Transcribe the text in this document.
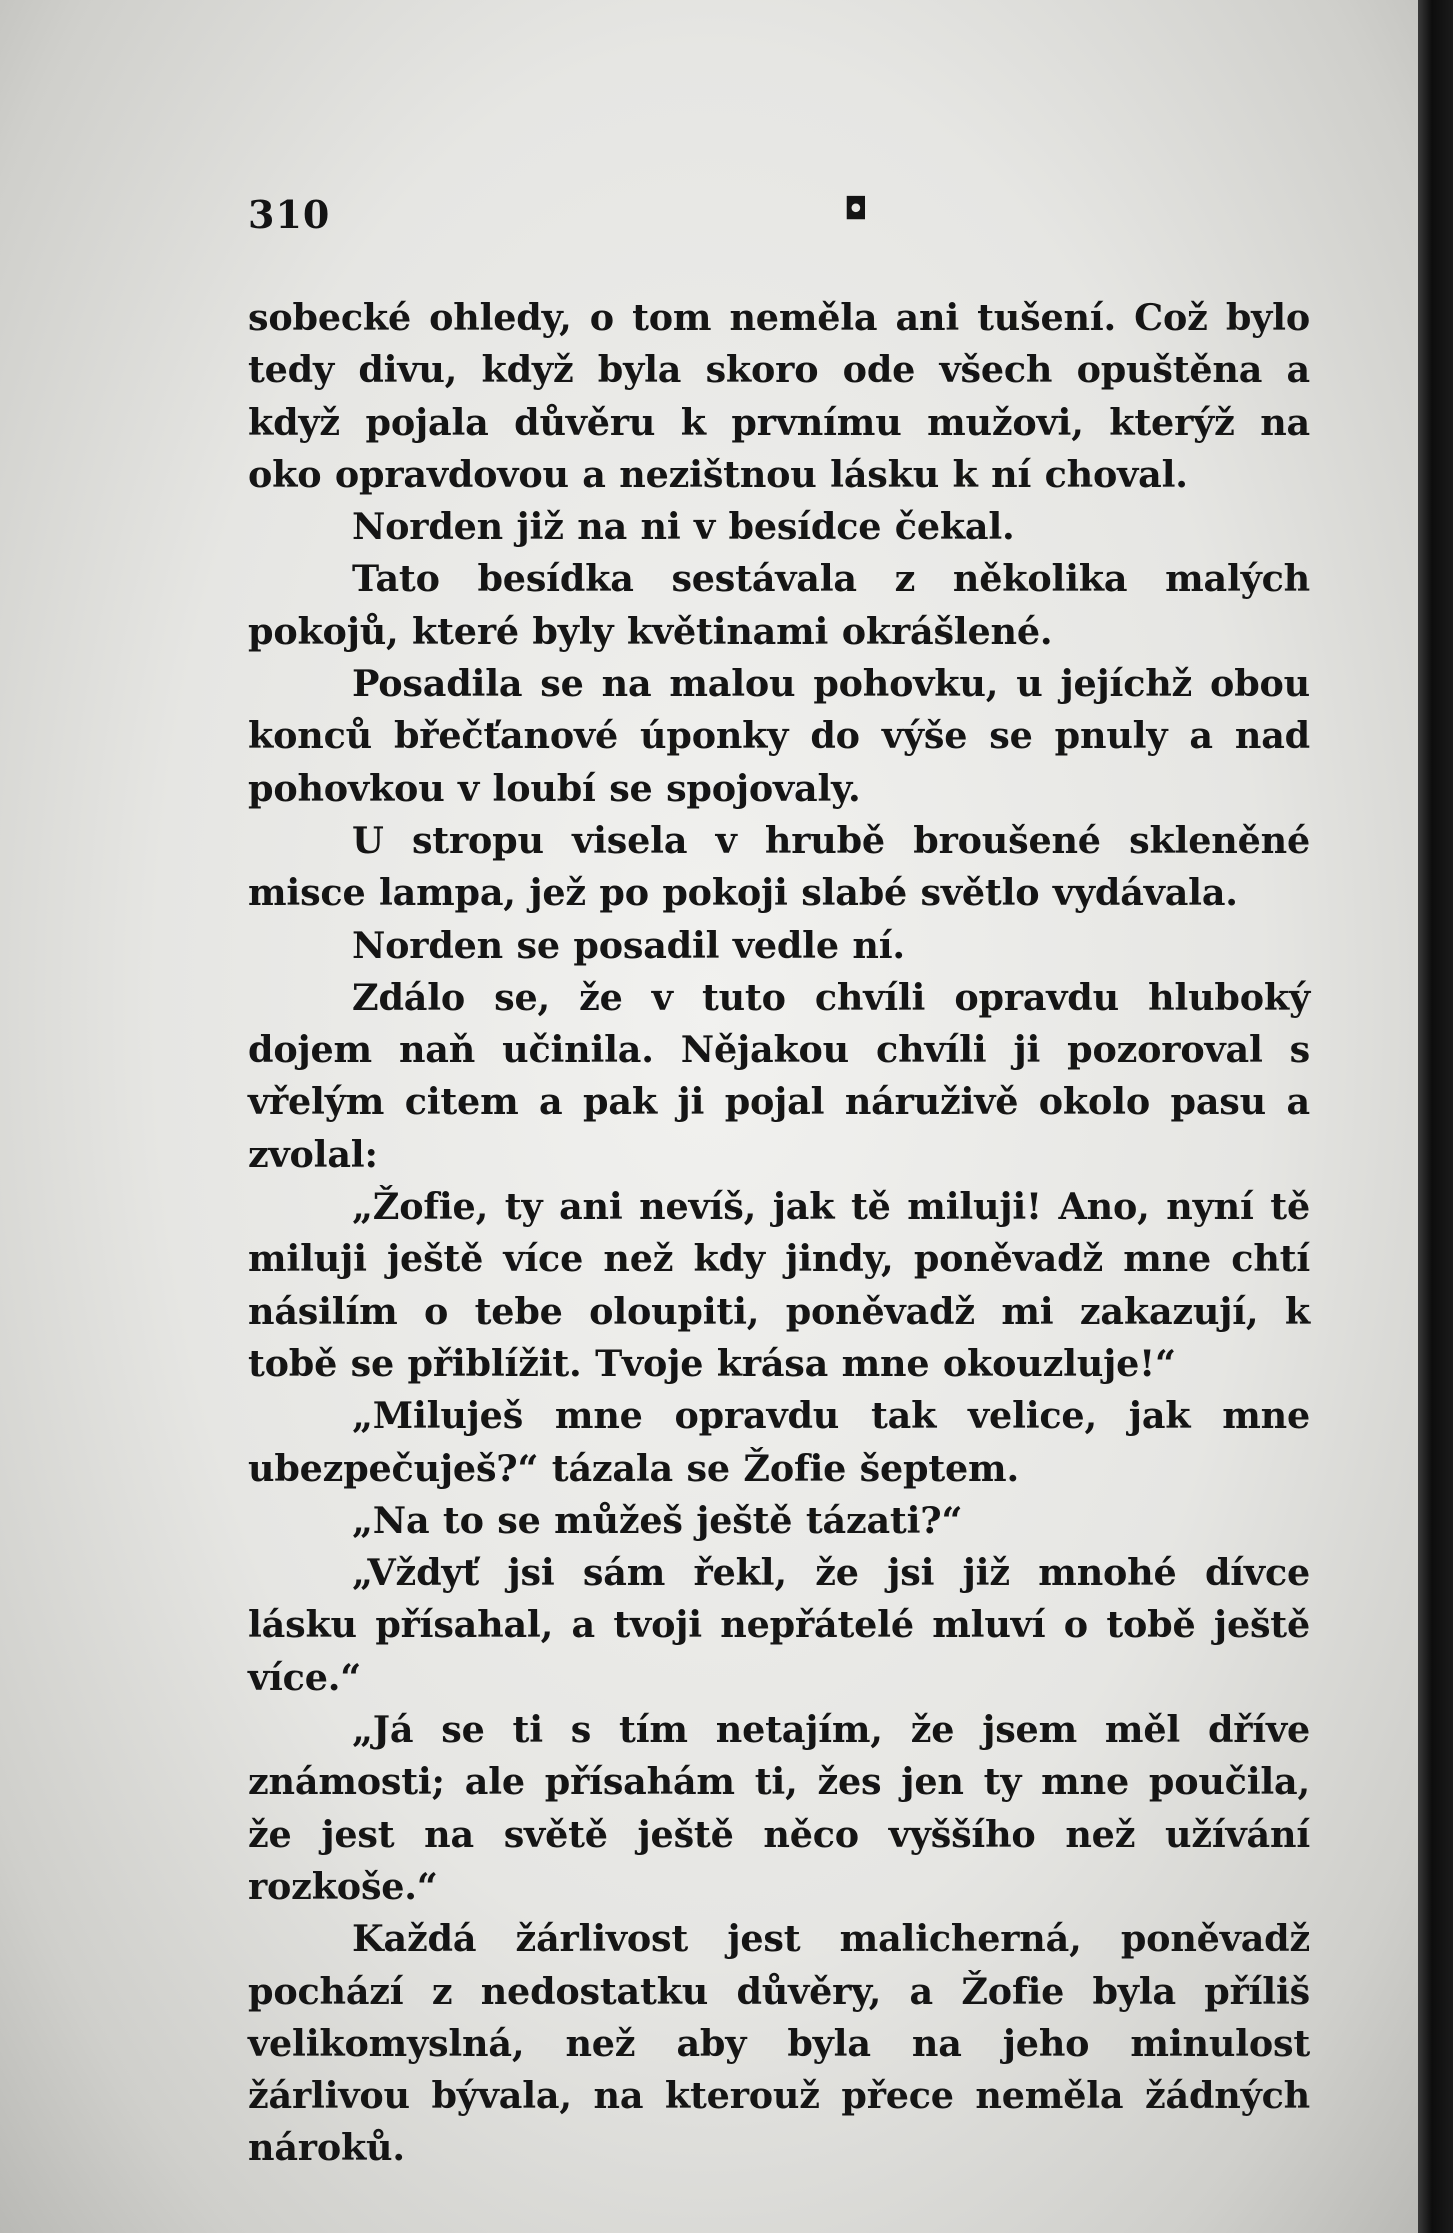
310	◘

sobecké ohledy, o tom neměla ani tušení. Což bylo tedy divu, když byla skoro ode všech opuštěna a když pojala důvěru k prvnímu mužovi, kterýž na oko opravdovou a nezištnou lásku k ní choval.

Norden již na ni v besídce čekal.

Tato besídka sestávala z několika malých pokojů, které byly květinami okrášlené.

Posadila se na malou pohovku, u jejíchž obou konců břečťanové úponky do výše se pnuly a nad pohovkou v loubí se spojovaly.

U stropu visela v hrubě broušené skleněné misce lampa, jež po pokoji slabé světlo vydávala.

Norden se posadil vedle ní.

Zdálo se, že v tuto chvíli opravdu hluboký dojem naň učinila. Nějakou chvíli ji pozoroval s vřelým citem a pak ji pojal náruživě okolo pasu a zvolal:

„Žofie, ty ani nevíš, jak tě miluji! Ano, nyní tě miluji ještě více než kdy jindy, poněvadž mne chtí násilím o tebe oloupiti, poněvadž mi zakazují, k tobě se přiblížit. Tvoje krása mne okouzluje!“

„Miluješ mne opravdu tak velice, jak mne ubezpečuješ?“ tázala se Žofie šeptem.

„Na to se můžeš ještě tázati?“

„Vždyť jsi sám řekl, že jsi již mnohé dívce lásku přísahal, a tvoji nepřátelé mluví o tobě ještě více.“

„Já se ti s tím netajím, že jsem měl dříve známosti; ale přísahám ti, žes jen ty mne poučila, že jest na světě ještě něco vyššího než užívání rozkoše.“

Každá žárlivost jest malicherná, poněvadž pochází z nedostatku důvěry, a Žofie byla příliš velikomyslná, než aby byla na jeho minulost žárlivou bývala, na kterouž přece neměla žádných nároků.
